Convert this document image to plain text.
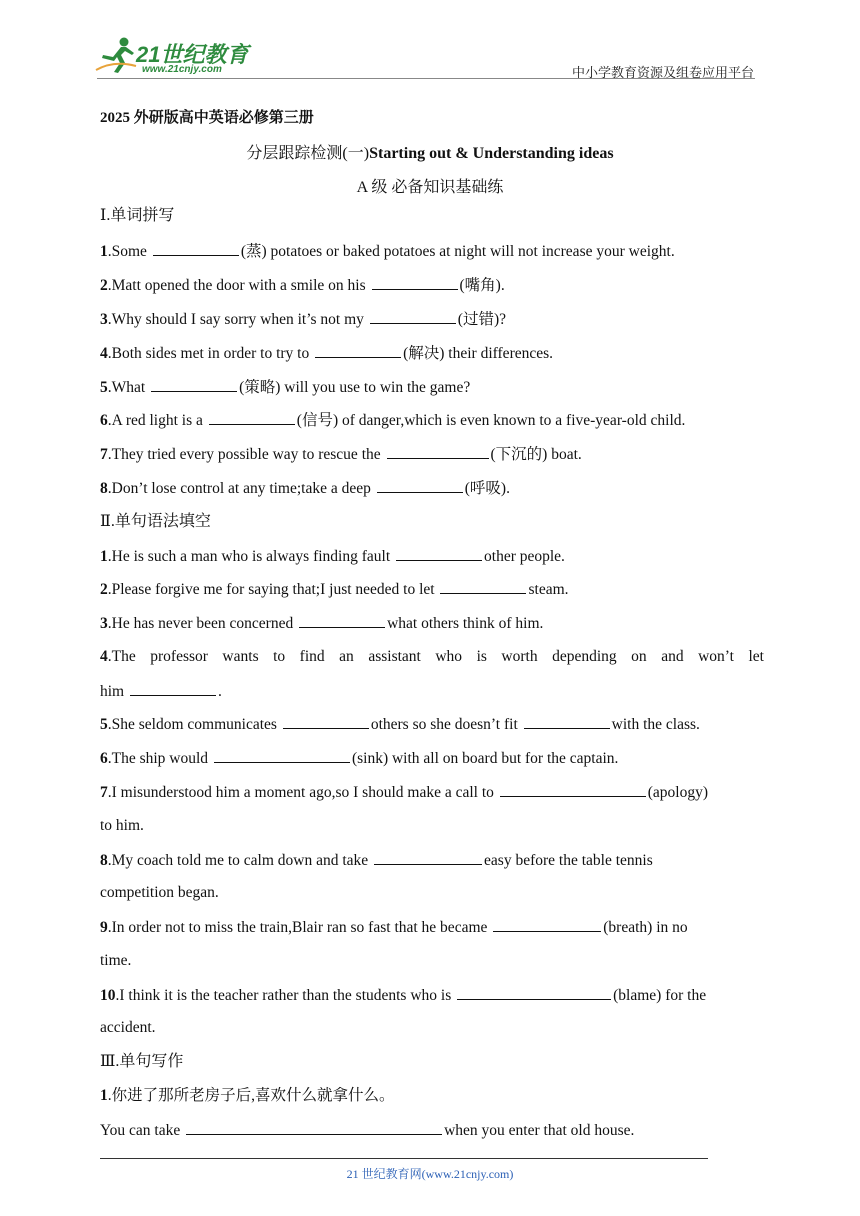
21世纪教育
www.21cnjy.com	中小学教育资源及组卷应用平台
2025 外研版高中英语必修第三册
分层跟踪检测(一)Starting out & Understanding ideas
A 级 必备知识基础练
Ⅰ.单词拼写
1.Some	(蒸) potatoes or baked potatoes at night will not increase your weight.
2.Matt opened the door with a smile on his	(嘴角).
3.Why should I say sorry when it’s not my	(过错)?
4.Both sides met in order to try to	(解决) their differences.
5.What	(策略) will you use to win the game?
6.A red light is a	(信号) of danger,which is even known to a five-year-old child.
7.They tried every possible way to rescue the	(下沉的) boat.
8.Don’t lose control at any time;take a deep	(呼吸).
Ⅱ.单句语法填空
1.He is such a man who is always finding fault	other people.
2.Please forgive me for saying that;I just needed to let	steam.
3.He has never been concerned	what others think of him.
4.The professor wants to find an assistant who is worth depending on and won’t let
him	.
5.She seldom communicates	others so she doesn’t fit	with the class.
6.The ship would	(sink) with all on board but for the captain.
7.I misunderstood him a moment ago,so I should make a call to	(apology)
to him.
8.My coach told me to calm down and take	easy before the table tennis
competition began.
9.In order not to miss the train,Blair ran so fast that he became	(breath) in no
time.
10.I think it is the teacher rather than the students who is	(blame) for the
accident.
Ⅲ.单句写作
1.你进了那所老房子后,喜欢什么就拿什么。
You can take	when you enter that old house.
21 世纪教育网(www.21cnjy.com)
